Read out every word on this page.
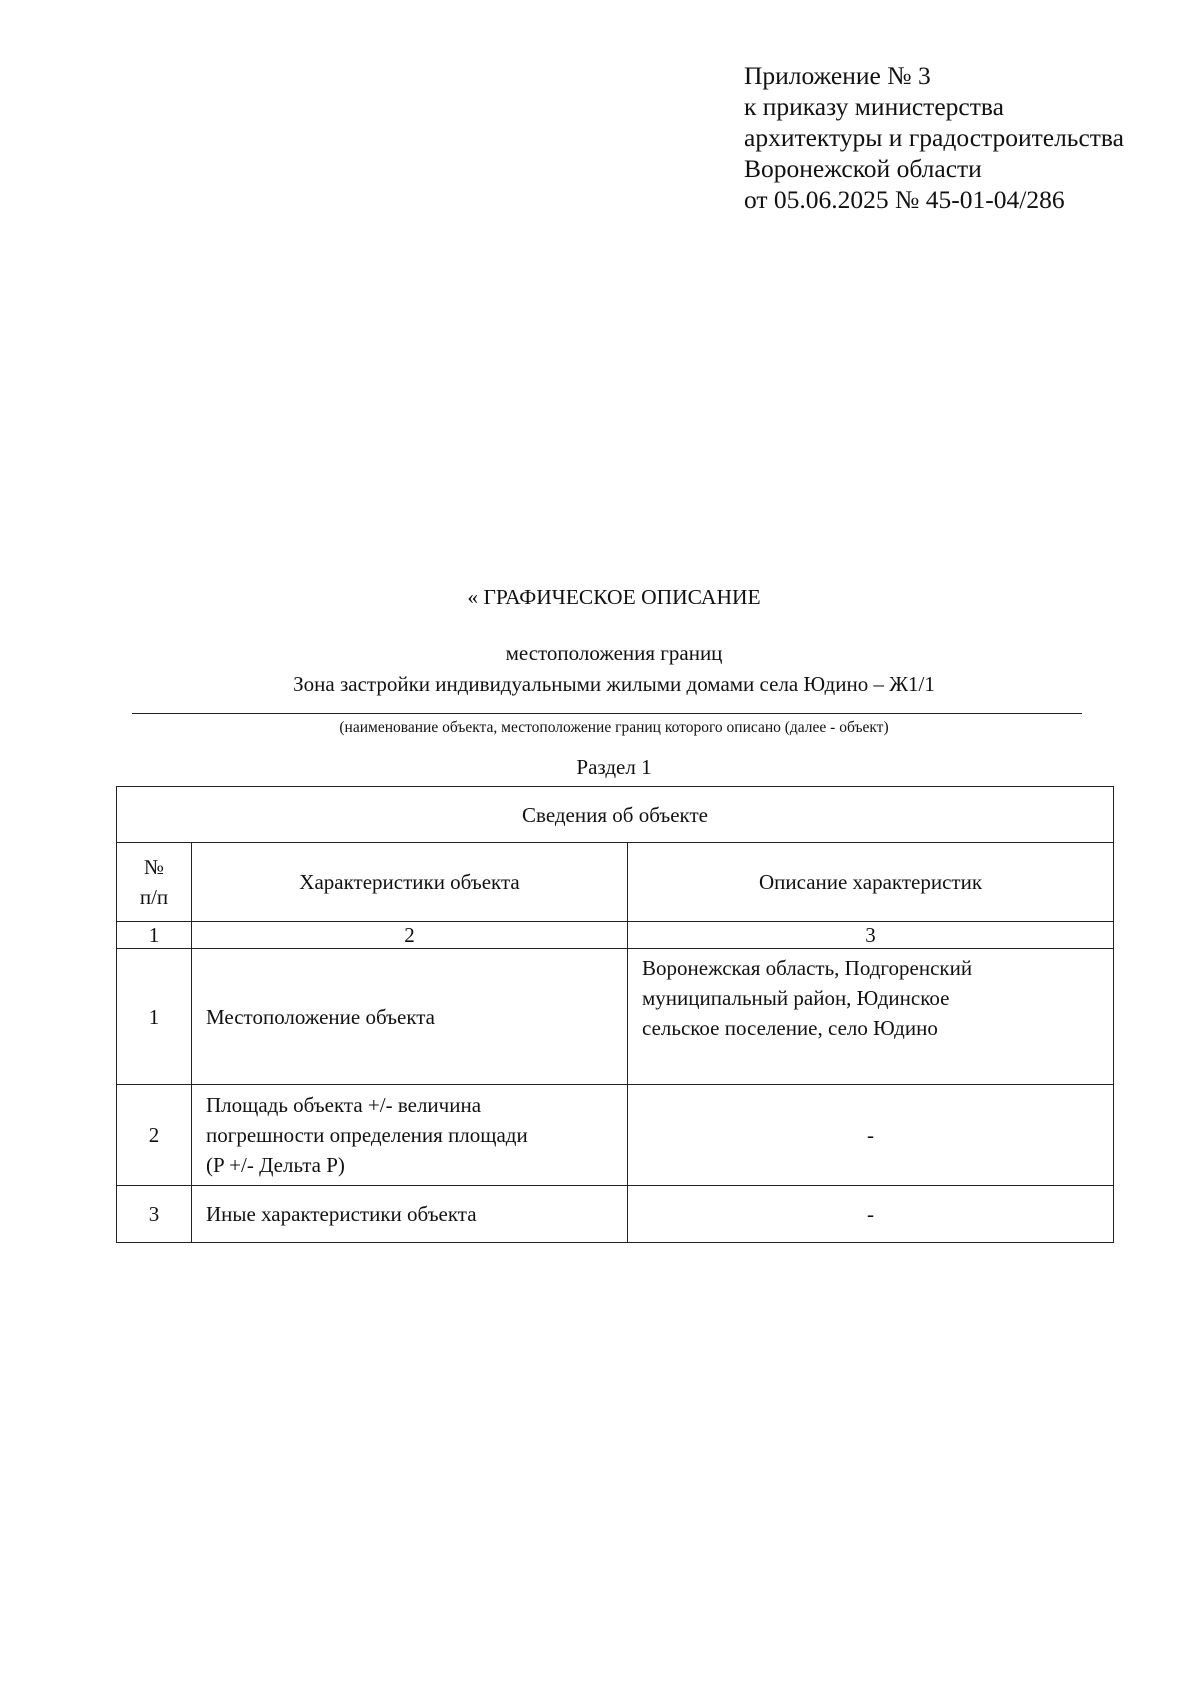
Приложение № 3
к приказу министерства
архитектуры и градостроительства
Воронежской области
от 05.06.2025 № 45-01-04/286
« ГРАФИЧЕСКОЕ ОПИСАНИЕ
местоположения границ
Зона застройки индивидуальными жилыми домами села Юдино – Ж1/1
(наименование объекта, местоположение границ которого описано (далее - объект)
Раздел 1
Сведения об объекте		
№ п/п	Характеристики объекта	Описание характеристик
1	2	3
1	Местоположение объекта	Воронежская область, Подгоренский
муниципальный район, Юдинское
сельское поселение, село Юдино

2	Площадь объекта +/- величина
погрешности определения площади
(P +/- Дельта P)	-
3	Иные характеристики объекта	-
